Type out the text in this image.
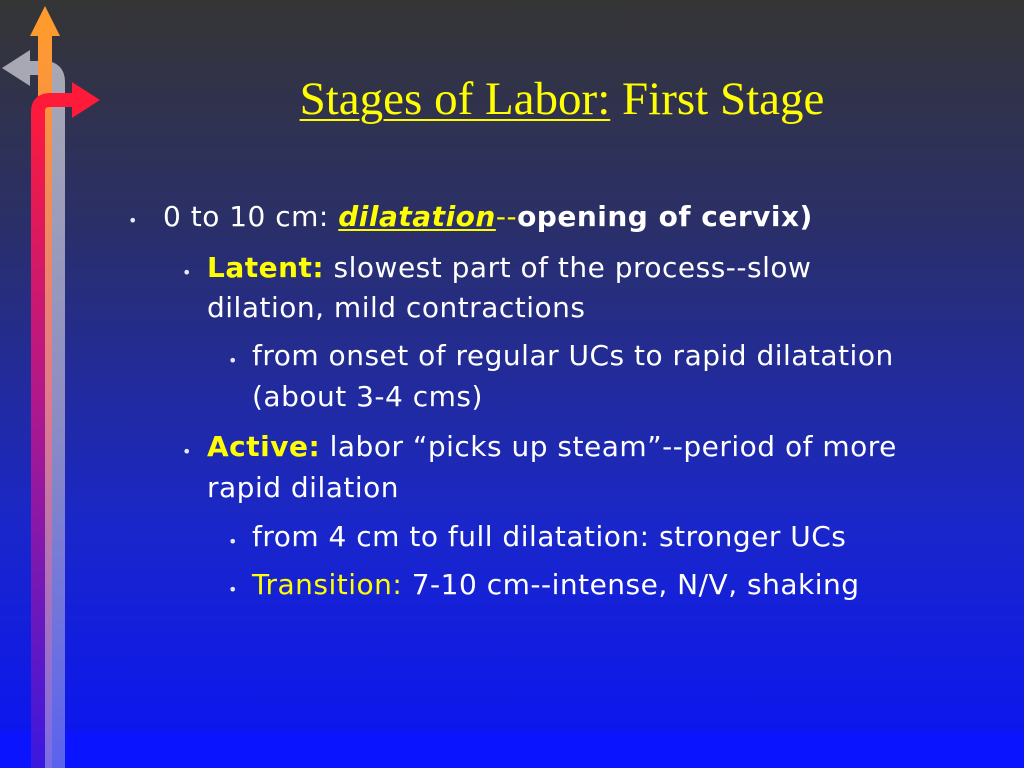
Stages of Labor: First Stage
• 0 to 10 cm: dilatation--opening of cervix)
• Latent: slowest part of the process--slow
dilation, mild contractions
• from onset of regular UCs to rapid dilatation
(about 3-4 cms)
• Active: labor “picks up steam”--period of more
rapid dilation
• from 4 cm to full dilatation: stronger UCs
• Transition: 7-10 cm--intense, N/V, shaking
